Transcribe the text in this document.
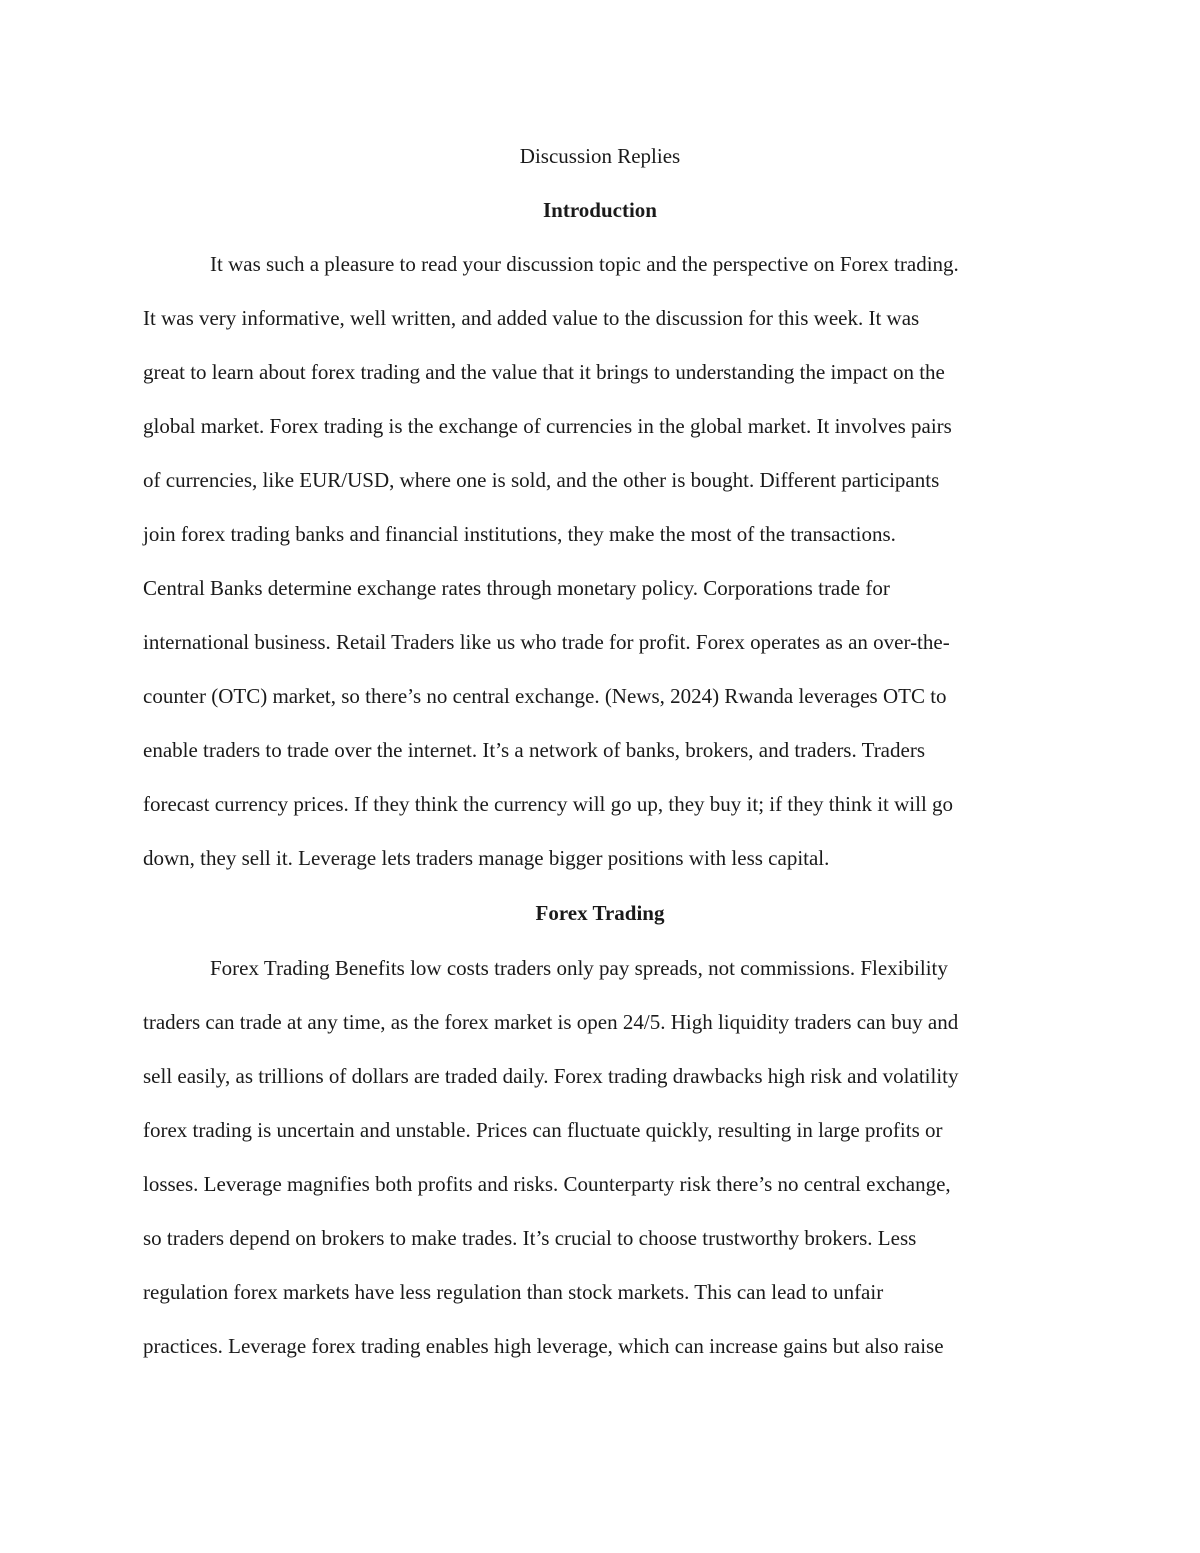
Discussion Replies
Introduction
It was such a pleasure to read your discussion topic and the perspective on Forex trading.
It was very informative, well written, and added value to the discussion for this week. It was
great to learn about forex trading and the value that it brings to understanding the impact on the
global market. Forex trading is the exchange of currencies in the global market. It involves pairs
of currencies, like EUR/USD, where one is sold, and the other is bought. Different participants
join forex trading banks and financial institutions, they make the most of the transactions.
Central Banks determine exchange rates through monetary policy. Corporations trade for
international business. Retail Traders like us who trade for profit. Forex operates as an over-the-
counter (OTC) market, so there’s no central exchange. (News, 2024) Rwanda leverages OTC to
enable traders to trade over the internet. It’s a network of banks, brokers, and traders. Traders
forecast currency prices. If they think the currency will go up, they buy it; if they think it will go
down, they sell it. Leverage lets traders manage bigger positions with less capital.
Forex Trading
Forex Trading Benefits low costs traders only pay spreads, not commissions. Flexibility
traders can trade at any time, as the forex market is open 24/5. High liquidity traders can buy and
sell easily, as trillions of dollars are traded daily. Forex trading drawbacks high risk and volatility
forex trading is uncertain and unstable. Prices can fluctuate quickly, resulting in large profits or
losses. Leverage magnifies both profits and risks. Counterparty risk there’s no central exchange,
so traders depend on brokers to make trades. It’s crucial to choose trustworthy brokers. Less
regulation forex markets have less regulation than stock markets. This can lead to unfair
practices. Leverage forex trading enables high leverage, which can increase gains but also raise
